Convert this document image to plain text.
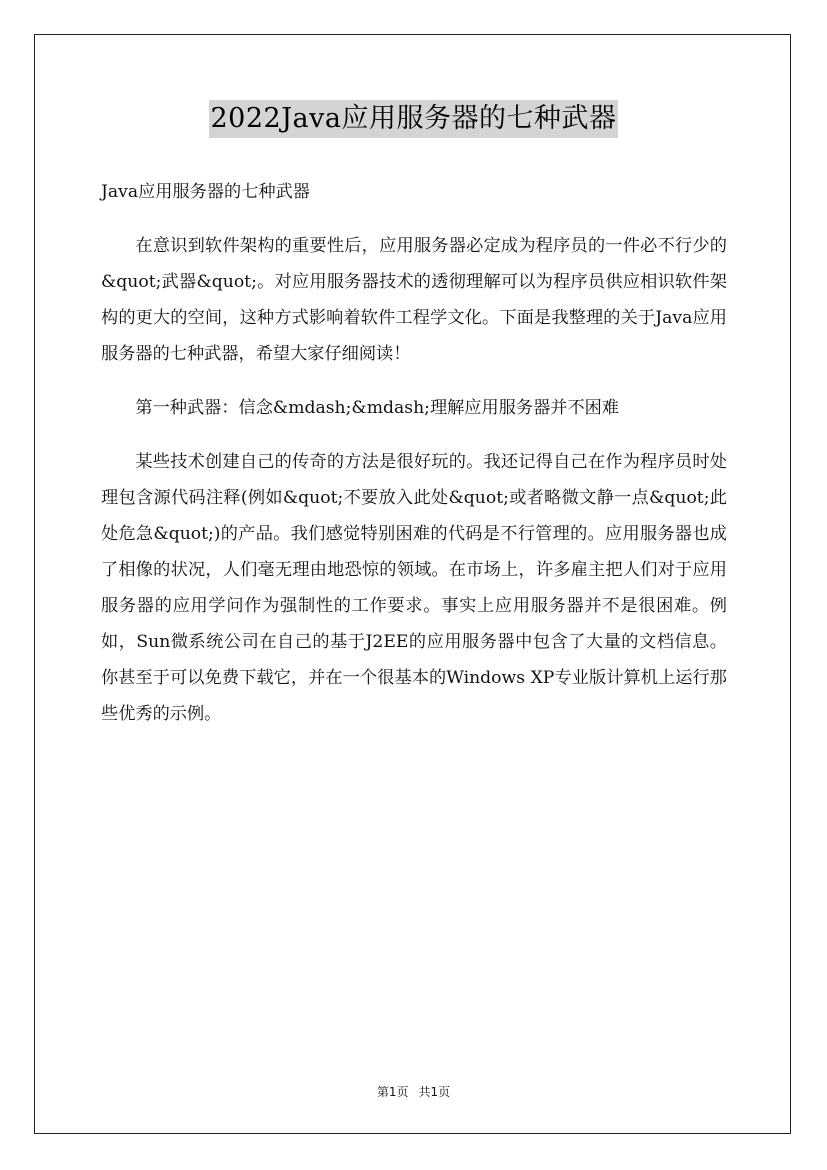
2022Java应用服务器的七种武器

Java应用服务器的七种武器

在意识到软件架构的重要性后，应用服务器必定成为程序员的一件必不行少的&quot;武器&quot;。对应用服务器技术的透彻理解可以为程序员供应相识软件架构的更大的空间，这种方式影响着软件工程学文化。下面是我整理的关于Java应用服务器的七种武器，希望大家仔细阅读！

第一种武器：信念&mdash;&mdash;理解应用服务器并不困难

某些技术创建自己的传奇的方法是很好玩的。我还记得自己在作为程序员时处理包含源代码注释(例如&quot;不要放入此处&quot;或者略微文静一点&quot;此处危急&quot;)的产品。我们感觉特别困难的代码是不行管理的。应用服务器也成了相像的状况，人们毫无理由地恐惊的领域。在市场上，许多雇主把人们对于应用服务器的应用学问作为强制性的工作要求。事实上应用服务器并不是很困难。例如，Sun微系统公司在自己的基于J2EE的应用服务器中包含了大量的文档信息。你甚至于可以免费下载它，并在一个很基本的Windows XP专业版计算机上运行那些优秀的示例。

第1页 共1页
